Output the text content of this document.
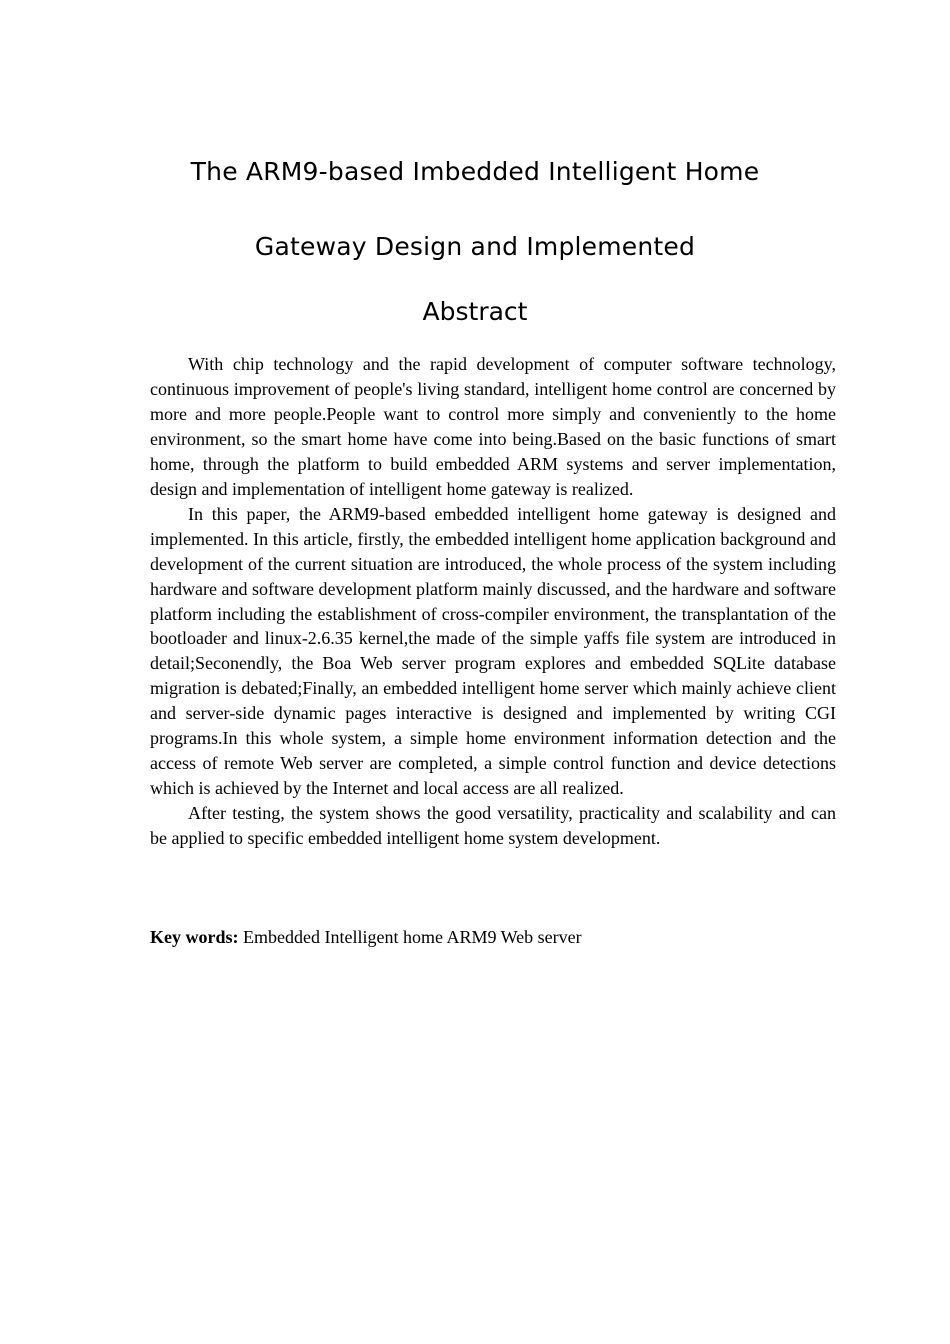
The ARM9-based Imbedded Intelligent Home
Gateway Design and Implemented
Abstract

With chip technology and the rapid development of computer software technology, continuous improvement of people's living standard, intelligent home control are concerned by more and more people.People want to control more simply and conveniently to the home environment, so the smart home have come into being.Based on the basic functions of smart home, through the platform to build embedded ARM systems and server implementation, design and implementation of intelligent home gateway is realized.

In this paper, the ARM9-based embedded intelligent home gateway is designed and implemented. In this article, firstly, the embedded intelligent home application background and development of the current situation are introduced, the whole process of the system including hardware and software development platform mainly discussed, and the hardware and software platform including the establishment of cross-compiler environment, the transplantation of the bootloader and linux-2.6.35 kernel,the made of the simple yaffs file system are introduced in detail;Seconendly, the Boa Web server program explores and embedded SQLite database migration is debated;Finally, an embedded intelligent home server which mainly achieve client and server-side dynamic pages interactive is designed and implemented by writing CGI programs.In this whole system, a simple home environment information detection and the access of remote Web server are completed, a simple control function and device detections which is achieved by the Internet and local access are all realized.

After testing, the system shows the good versatility, practicality and scalability and can be applied to specific embedded intelligent home system development.

Key words: Embedded Intelligent home ARM9 Web server
